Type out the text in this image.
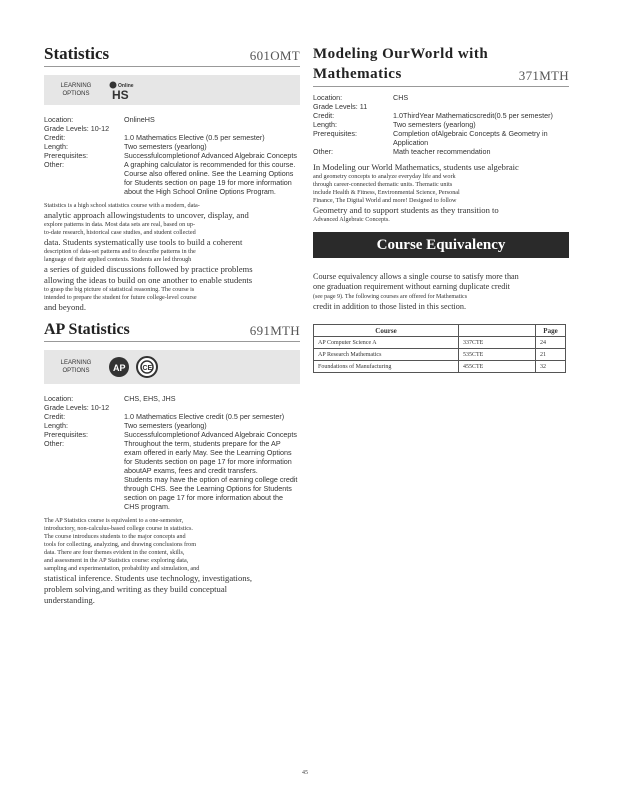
Statistics	601OMT
LEARNING OPTIONS
Online
HS
Location:	OnlineHS
Grade Levels: 10-12
Credit:	1.0 Mathematics Elective (0.5 per semester)
Length:	Two semesters (yearlong)
Prerequisites:	Successfulcompletionof Advanced Algebraic Concepts
Other:	A graphing calculator is recommended for this course.
Course also offered online. See the Learning Options for Students section on page 19 for more information about the High School Online Options Program.
Statistics is a high school statistics course with a modern, data-
analytic approach allowingstudents to uncover, display, and
explore patterns in data. Most data sets are real, based on up-
to-date research, historical case studies, and student collected
data. Students systematically use tools to build a coherent
description of data-set patterns and to describe patterns in the
language of their applied contexts. Students are led through
a series of guided discussions followed by practice problems
allowing the ideas to build on one another to enable students
to grasp the big picture of statistical reasoning. The course is
intended to prepare the student for future college-level course
and beyond.
AP Statistics	691MTH
LEARNING OPTIONS	AP CE
Location:	CHS, EHS, JHS
Grade Levels: 10-12
Credit:	1.0 Mathematics Elective credit (0.5 per semester)
Length:	Two semesters (yearlong)
Prerequisites:	Successfulcompletionof Advanced Algebraic Concepts
Other:	Throughout the term, students prepare for the AP exam offered in early May. See the Learning Options for Students section on page 17 for more information aboutAP exams, fees and credit transfers.
Students may have the option of earning college credit through CHS. See the Learning Options for Students section on page 17 for more information about the CHS program.
The AP Statistics course is equivalent to a one-semester,
introductory, non-calculus-based college course in statistics.
The course introduces students to the major concepts and
tools for collecting, analyzing, and drawing conclusions from
data. There are four themes evident in the content, skills,
and assessment in the AP Statistics course: exploring data,
sampling and experimentation, probability and simulation, and
statistical inference. Students use technology, investigations,
problem solving,and writing as they build conceptual
understanding.
Modeling OurWorld with
Mathematics	371MTH
Location:	CHS
Grade Levels: 11
Credit:	1.0ThirdYear Mathematicscredit(0.5 per semester)
Length:	Two semesters (yearlong)
Prerequisites:	Completion ofAlgebraic Concepts & Geometry in Application
Other:	Math teacher recommendation
In Modeling our World Mathematics, students use algebraic
and geometry concepts to analyze everyday life and work
through career-connected thematic units. Thematic units
include Health & Fitness, Environmental Science, Personal
Finance, The Digital World and more! Designed to follow
Geometry and to support students as they transition to
Advanced Algebraic Concepts.
Course Equivalency
Course equivalency allows a single course to satisfy more than
one graduation requirement without earning duplicate credit
(see page 9). The following courses are offered for Mathematics
credit in addition to those listed in this section.
Course		Page
AP Computer Science A	337CTE	24
AP Research Mathematics	535CTE	21
Foundations of Manufacturing	455CTE	32
45
